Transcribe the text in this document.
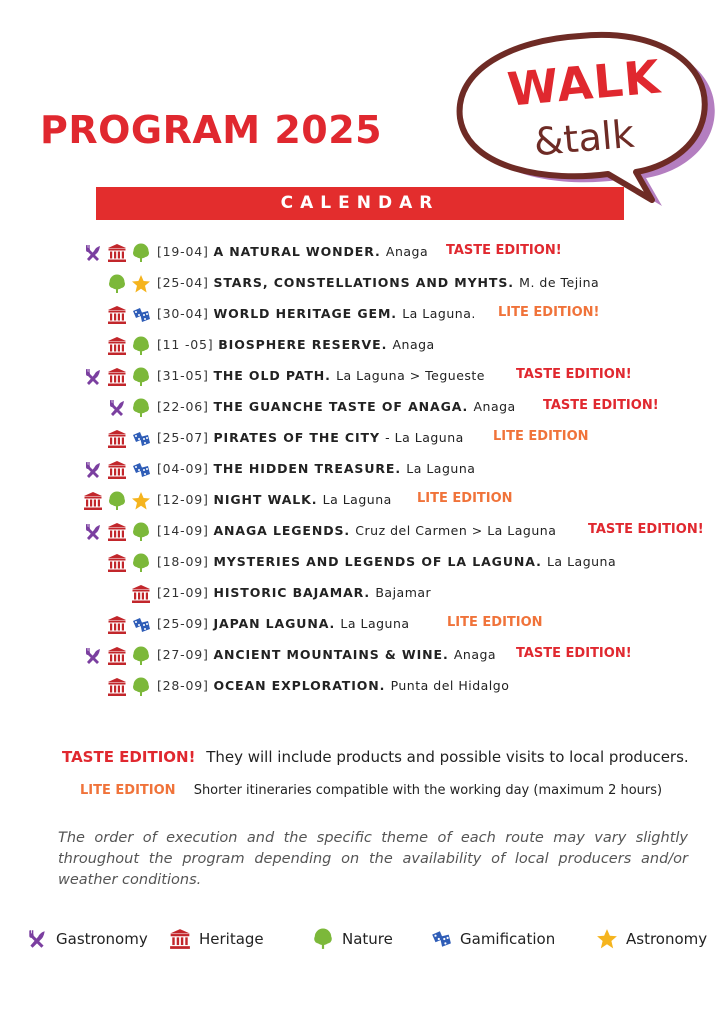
PROGRAM 2025
WALK
&talk
CALENDAR
[19-04] A NATURAL WONDER. Anaga TASTE EDITION!
[25-04] STARS, CONSTELLATIONS AND MYHTS. M. de Tejina
[30-04] WORLD HERITAGE GEM. La Laguna. LITE EDITION!
[11 -05] BIOSPHERE RESERVE. Anaga
[31-05] THE OLD PATH. La Laguna > Tegueste TASTE EDITION!
[22-06] THE GUANCHE TASTE OF ANAGA. Anaga TASTE EDITION!
[25-07] PIRATES OF THE CITY - La Laguna LITE EDITION
[04-09] THE HIDDEN TREASURE. La Laguna
[12-09] NIGHT WALK. La Laguna LITE EDITION
[14-09] ANAGA LEGENDS. Cruz del Carmen > La Laguna TASTE EDITION!
[18-09] MYSTERIES AND LEGENDS OF LA LAGUNA. La Laguna
[21-09] HISTORIC BAJAMAR. Bajamar
[25-09] JAPAN LAGUNA. La Laguna	LITE EDITION
[27-09] ANCIENT MOUNTAINS & WINE. Anaga TASTE EDITION!
[28-09] OCEAN EXPLORATION. Punta del Hidalgo
TASTE EDITION! They will include products and possible visits to local producers.
LITE EDITION Shorter itineraries compatible with the working day (maximum 2 hours)

The order of execution and the specific theme of each route may vary slightly throughout the program depending on the availability of local producers and/or weather conditions.

Gastronomy	Heritage	Nature	Gamification	Astronomy
